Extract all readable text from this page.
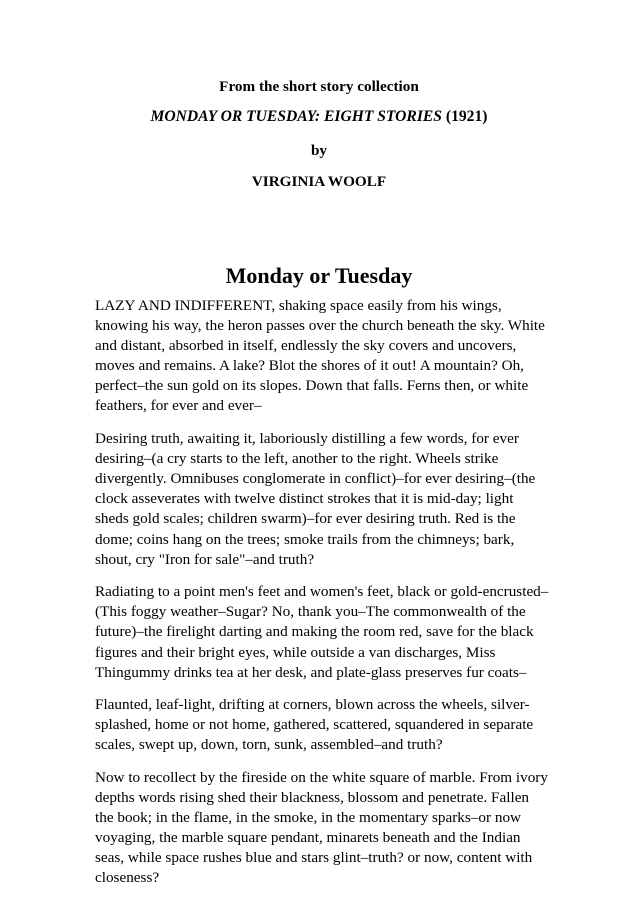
From the short story collection
MONDAY OR TUESDAY: EIGHT STORIES (1921)
by
VIRGINIA WOOLF
Monday or Tuesday

LAZY AND INDIFFERENT, shaking space easily from his wings, knowing his way, the heron passes over the church beneath the sky. White and distant, absorbed in itself, endlessly the sky covers and uncovers, moves and remains. A lake? Blot the shores of it out! A mountain? Oh, perfect–the sun gold on its slopes. Down that falls. Ferns then, or white feathers, for ever and ever–

Desiring truth, awaiting it, laboriously distilling a few words, for ever desiring–(a cry starts to the left, another to the right. Wheels strike divergently. Omnibuses conglomerate in conflict)–for ever desiring–(the clock asseverates with twelve distinct strokes that it is mid-day; light sheds gold scales; children swarm)–for ever desiring truth. Red is the dome; coins hang on the trees; smoke trails from the chimneys; bark, shout, cry "Iron for sale"–and truth?

Radiating to a point men's feet and women's feet, black or gold-encrusted–(This foggy weather–Sugar? No, thank you–The commonwealth of the future)–the firelight darting and making the room red, save for the black figures and their bright eyes, while outside a van discharges, Miss Thingummy drinks tea at her desk, and plate-glass preserves fur coats–

Flaunted, leaf-light, drifting at corners, blown across the wheels, silver-splashed, home or not home, gathered, scattered, squandered in separate scales, swept up, down, torn, sunk, assembled–and truth?

Now to recollect by the fireside on the white square of marble. From ivory depths words rising shed their blackness, blossom and penetrate. Fallen the book; in the flame, in the smoke, in the momentary sparks–or now voyaging, the marble square pendant, minarets beneath and the Indian seas, while space rushes blue and stars glint–truth? or now, content with closeness?
